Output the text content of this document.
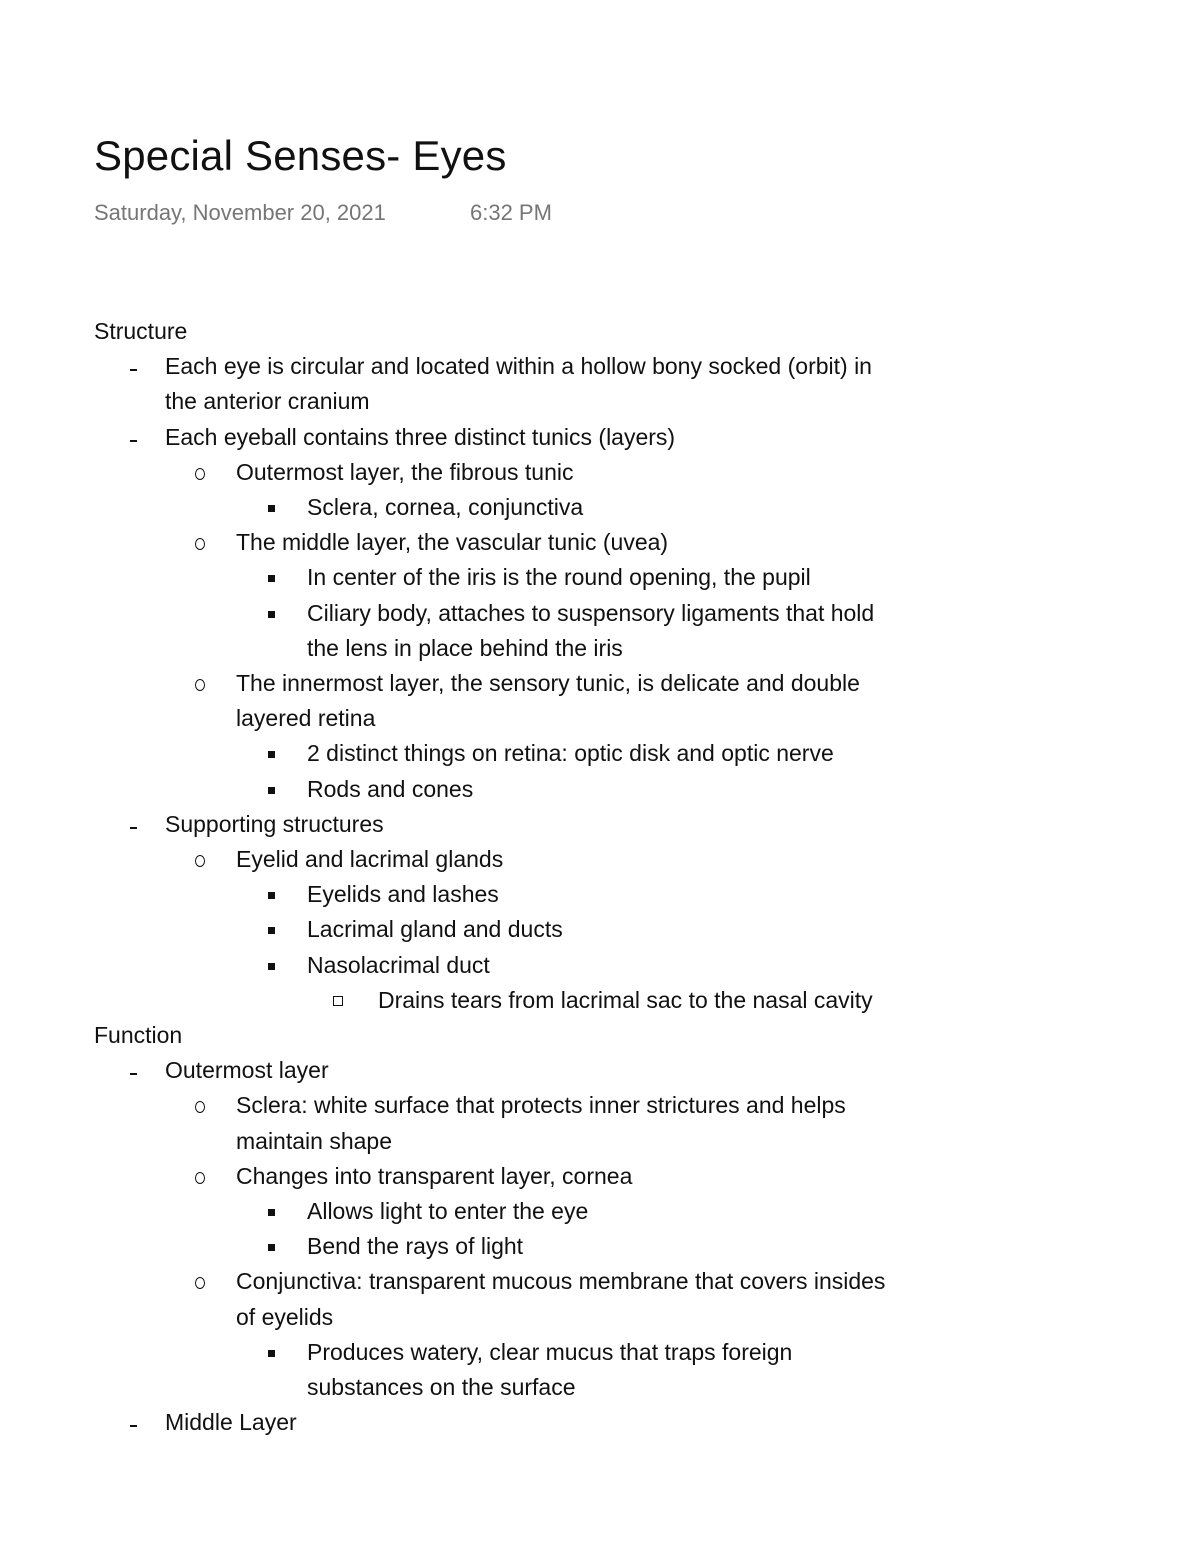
Special Senses- Eyes
Saturday, November 20, 2021	6:32 PM
Structure
Each eye is circular and located within a hollow bony socked (orbit) in
the anterior cranium
Each eyeball contains three distinct tunics (layers)
Outermost layer, the fibrous tunic
Sclera, cornea, conjunctiva
The middle layer, the vascular tunic (uvea)
In center of the iris is the round opening, the pupil
Ciliary body, attaches to suspensory ligaments that hold
the lens in place behind the iris
The innermost layer, the sensory tunic, is delicate and double
layered retina
2 distinct things on retina: optic disk and optic nerve
Rods and cones
Supporting structures
Eyelid and lacrimal glands
Eyelids and lashes
Lacrimal gland and ducts
Nasolacrimal duct
Drains tears from lacrimal sac to the nasal cavity
Function
Outermost layer
Sclera: white surface that protects inner strictures and helps
maintain shape
Changes into transparent layer, cornea
Allows light to enter the eye
Bend the rays of light
Conjunctiva: transparent mucous membrane that covers insides
of eyelids
Produces watery, clear mucus that traps foreign
substances on the surface
Middle Layer
